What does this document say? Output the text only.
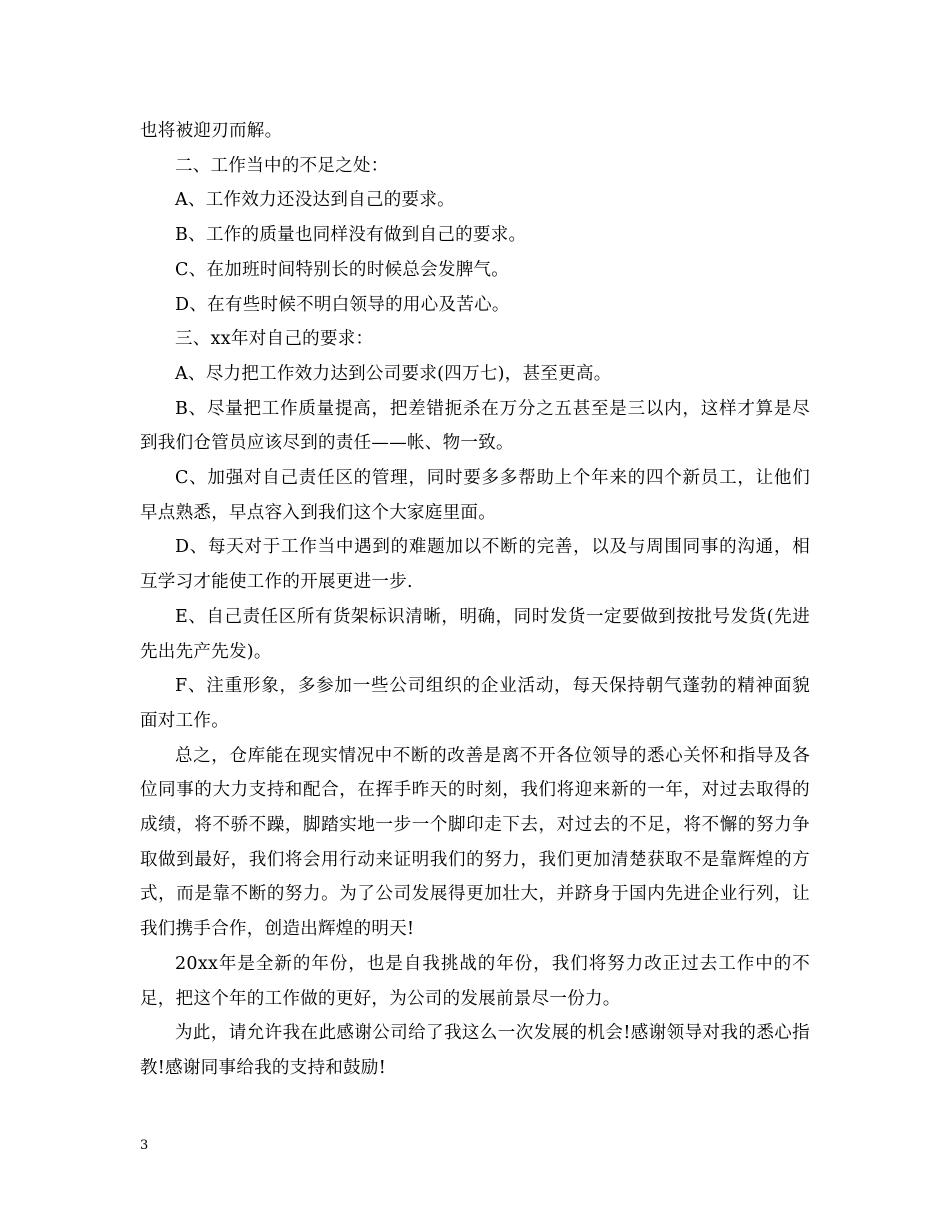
也将被迎刃而解。

二、工作当中的不足之处：

A、工作效力还没达到自己的要求。

B、工作的质量也同样没有做到自己的要求。

C、在加班时间特别长的时候总会发脾气。

D、在有些时候不明白领导的用心及苦心。

三、xx年对自己的要求：

A、尽力把工作效力达到公司要求(四万七)，甚至更高。

B、尽量把工作质量提高，把差错扼杀在万分之五甚至是三以内，这样才算是尽到我们仓管员应该尽到的责任——帐、物一致。

C、加强对自己责任区的管理，同时要多多帮助上个年来的四个新员工，让他们早点熟悉，早点容入到我们这个大家庭里面。

D、每天对于工作当中遇到的难题加以不断的完善，以及与周围同事的沟通，相互学习才能使工作的开展更进一步.

E、自己责任区所有货架标识清晰，明确，同时发货一定要做到按批号发货(先进先出先产先发)。

F、注重形象，多参加一些公司组织的企业活动，每天保持朝气蓬勃的精神面貌面对工作。

总之，仓库能在现实情况中不断的改善是离不开各位领导的悉心关怀和指导及各位同事的大力支持和配合，在挥手昨天的时刻，我们将迎来新的一年，对过去取得的成绩，将不骄不躁，脚踏实地一步一个脚印走下去，对过去的不足，将不懈的努力争取做到最好，我们将会用行动来证明我们的努力，我们更加清楚获取不是靠辉煌的方式，而是靠不断的努力。为了公司发展得更加壮大，并跻身于国内先进企业行列，让我们携手合作，创造出辉煌的明天!

20xx年是全新的年份，也是自我挑战的年份，我们将努力改正过去工作中的不足，把这个年的工作做的更好，为公司的发展前景尽一份力。

为此，请允许我在此感谢公司给了我这么一次发展的机会!感谢领导对我的悉心指教!感谢同事给我的支持和鼓励!

3
